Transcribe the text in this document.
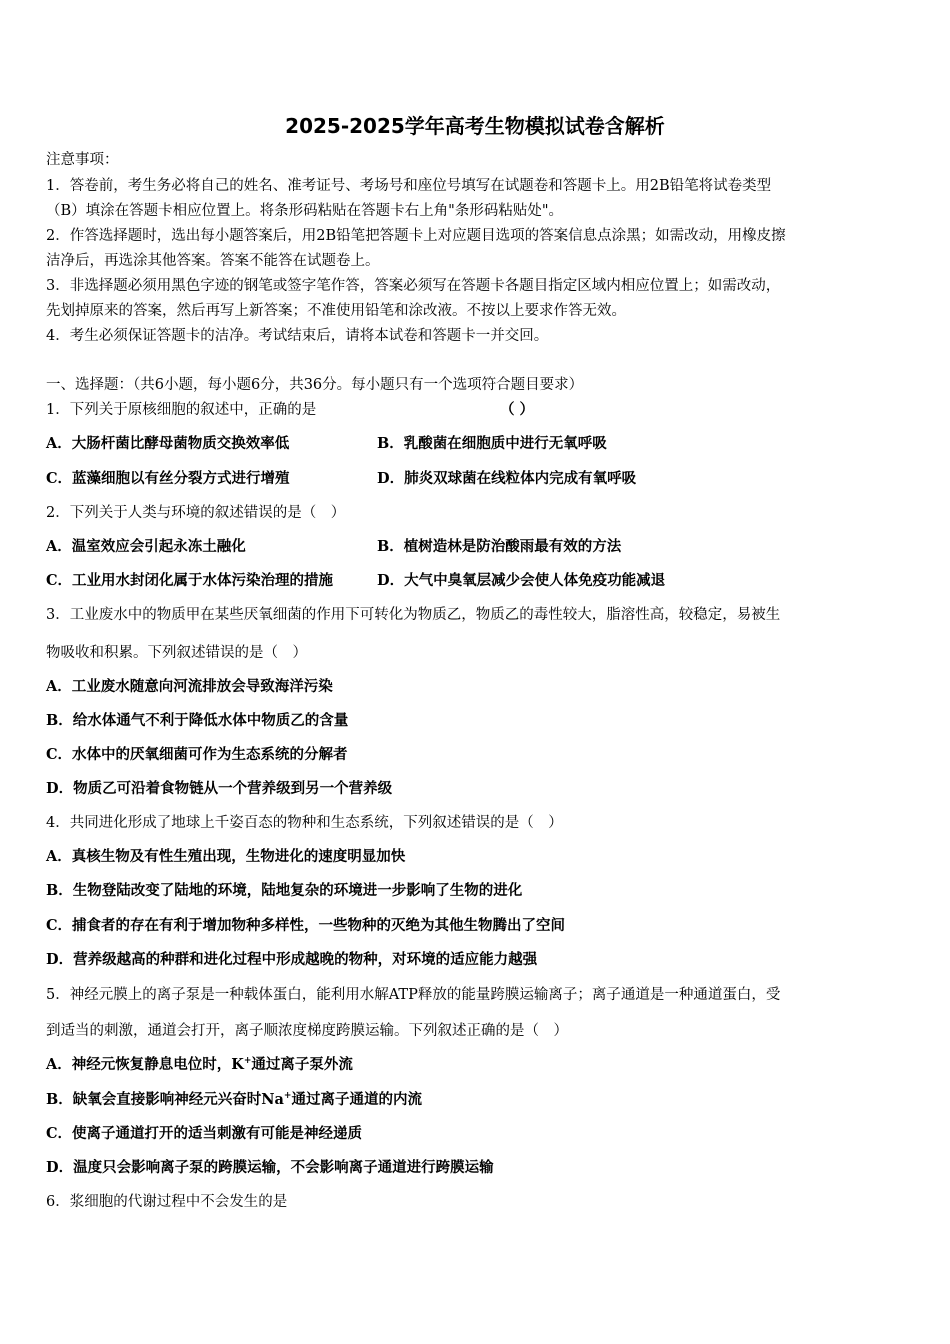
2025-2025学年高考生物模拟试卷含解析
注意事项：
1．答卷前，考生务必将自己的姓名、准考证号、考场号和座位号填写在试题卷和答题卡上。用2B铅笔将试卷类型
（B）填涂在答题卡相应位置上。将条形码粘贴在答题卡右上角"条形码粘贴处"。
2．作答选择题时，选出每小题答案后，用2B铅笔把答题卡上对应题目选项的答案信息点涂黑；如需改动，用橡皮擦
洁净后，再选涂其他答案。答案不能答在试题卷上。
3．非选择题必须用黑色字迹的钢笔或签字笔作答，答案必须写在答题卡各题目指定区域内相应位置上；如需改动，
先划掉原来的答案，然后再写上新答案；不准使用铅笔和涂改液。不按以上要求作答无效。
4．考生必须保证答题卡的洁净。考试结束后，请将本试卷和答题卡一并交回。
一、选择题：（共6小题，每小题6分，共36分。每小题只有一个选项符合题目要求）
1．下列关于原核细胞的叙述中，正确的是	（ ）
A．大肠杆菌比酵母菌物质交换效率低	B．乳酸菌在细胞质中进行无氧呼吸
C．蓝藻细胞以有丝分裂方式进行增殖	D．肺炎双球菌在线粒体内完成有氧呼吸
2．下列关于人类与环境的叙述错误的是（　）
A．温室效应会引起永冻土融化	B．植树造林是防治酸雨最有效的方法
C．工业用水封闭化属于水体污染治理的措施	D．大气中臭氧层减少会使人体免疫功能减退
3．工业废水中的物质甲在某些厌氧细菌的作用下可转化为物质乙，物质乙的毒性较大，脂溶性高，较稳定，易被生
物吸收和积累。下列叙述错误的是（　）
A．工业废水随意向河流排放会导致海洋污染
B．给水体通气不利于降低水体中物质乙的含量
C．水体中的厌氧细菌可作为生态系统的分解者
D．物质乙可沿着食物链从一个营养级到另一个营养级
4．共同进化形成了地球上千姿百态的物种和生态系统，下列叙述错误的是（　）
A．真核生物及有性生殖出现，生物进化的速度明显加快
B．生物登陆改变了陆地的环境，陆地复杂的环境进一步影响了生物的进化
C．捕食者的存在有利于增加物种多样性，一些物种的灭绝为其他生物腾出了空间
D．营养级越高的种群和进化过程中形成越晚的物种，对环境的适应能力越强
5．神经元膜上的离子泵是一种载体蛋白，能利用水解ATP释放的能量跨膜运输离子；离子通道是一种通道蛋白，受
到适当的刺激，通道会打开，离子顺浓度梯度跨膜运输。下列叙述正确的是（　）
A．神经元恢复静息电位时，K+通过离子泵外流
B．缺氧会直接影响神经元兴奋时Na+通过离子通道的内流
C．使离子通道打开的适当刺激有可能是神经递质
D．温度只会影响离子泵的跨膜运输，不会影响离子通道进行跨膜运输
6．浆细胞的代谢过程中不会发生的是
